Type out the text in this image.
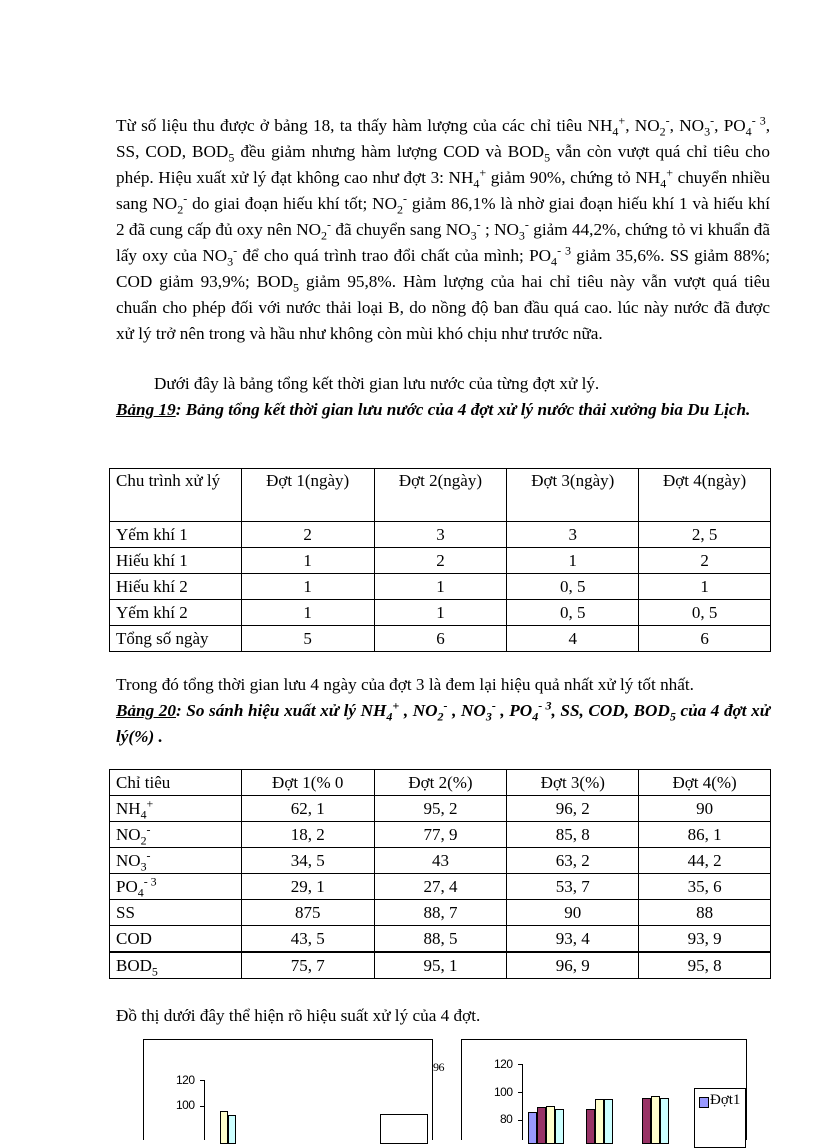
Từ số liệu thu được ở bảng 18, ta thấy hàm lượng của các chỉ tiêu $NH_4^+$, $NO_2^-$, $NO_3^-$, $PO_4^{- 3}$, SS, COD, $BOD_5$ đều giảm nhưng hàm lượng COD và $BOD_5$ vẫn còn vượt quá chỉ tiêu cho phép. Hiệu xuất xử lý đạt không cao như đợt 3: $NH_4^+$ giảm 90%, chứng tỏ $NH_4^+$ chuyển nhiều sang $NO_2^-$ do giai đoạn hiếu khí tốt; $NO_2^-$ giảm 86,1% là nhờ giai đoạn hiếu khí 1 và hiếu khí 2 đã cung cấp đủ oxy nên $NO_2^-$ đã chuyển sang $NO_3^-$ ; $NO_3^-$ giảm 44,2%, chứng tỏ vi khuẩn đã lấy oxy của $NO_3^-$ để cho quá trình trao đổi chất của mình; $PO_4^{- 3}$ giảm 35,6%. SS giảm 88%; COD giảm 93,9%; $BOD_5$ giảm 95,8%. Hàm lượng của hai chỉ tiêu này vẫn vượt quá tiêu chuẩn cho phép đối với nước thải loại B, do nồng độ ban đầu quá cao. lúc này nước đã được xử lý trở nên trong và hầu như không còn mùi khó chịu như trước nữa.

Dưới đây là bảng tổng kết thời gian lưu nước của từng đợt xử lý.

Bảng 19: Bảng tổng kết thời gian lưu nước của 4 đợt xử lý nước thải xưởng bia Du Lịch.

Chu trình xử lý	Đợt 1(ngày)	Đợt 2(ngày)	Đợt 3(ngày)	Đợt 4(ngày)
Yếm khí 1	2	3	3	2, 5
Hiếu khí 1	1	2	1	2
Hiếu khí 2	1	1	0, 5	1
Yếm khí 2	1	1	0, 5	0, 5
Tổng số ngày	5	6	4	6

Trong đó tổng thời gian lưu 4 ngày của đợt 3 là đem lại hiệu quả nhất xử lý tốt nhất.

Bảng 20: So sánh hiệu xuất xử lý $NH_4^+$ , $NO_2^-$ , $NO_3^-$ , $PO_4^{- 3}$, SS, COD, $BOD_5$ của 4 đợt xử lý(%) .

Chỉ tiêu	Đợt 1(% 0	Đợt 2(%)	Đợt 3(%)	Đợt 4(%)
$NH_4^+$	62, 1	95, 2	96, 2	90
$NO_2^-$	18, 2	77, 9	85, 8	86, 1
$NO_3^-$	34, 5	43	63, 2	44, 2
$PO_4^{- 3}$	29, 1	27, 4	53, 7	35, 6
SS	875	88, 7	90	88
COD	43, 5	88, 5	93, 4	93, 9
$BOD_5$	75, 7	95, 1	96, 9	95, 8

Đồ thị dưới đây thể hiện rõ hiệu suất xử lý của 4 đợt.

120
100
96	120
100
80
Đợt1
